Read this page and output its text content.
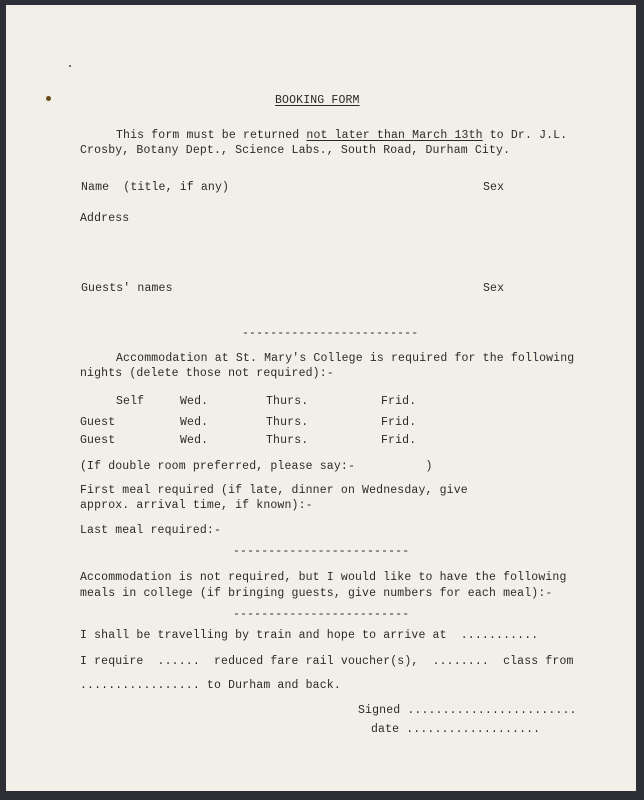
BOOKING FORM
This form must be returned not later than March 13th to Dr. J.L.
Crosby, Botany Dept., Science Labs., South Road, Durham City.
Name  (title, if any)	Sex
Address
Guests' names	Sex
-------------------------
Accommodation at St. Mary's College is required for the following
nights (delete those not required):-
Self	Wed.	Thurs.	Frid.
Guest	Wed.	Thurs.	Frid.
Guest	Wed.	Thurs.	Frid.
(If double room preferred, please say:-          )
First meal required (if late, dinner on Wednesday, give
approx. arrival time, if known):-
Last meal required:-
-------------------------
Accommodation is not required, but I would like to have the following
meals in college (if bringing guests, give numbers for each meal):-
-------------------------
I shall be travelling by train and hope to arrive at  ...........
I require  ......  reduced fare rail voucher(s),  ........  class from
................. to Durham and back.
Signed ........................
date ...................
